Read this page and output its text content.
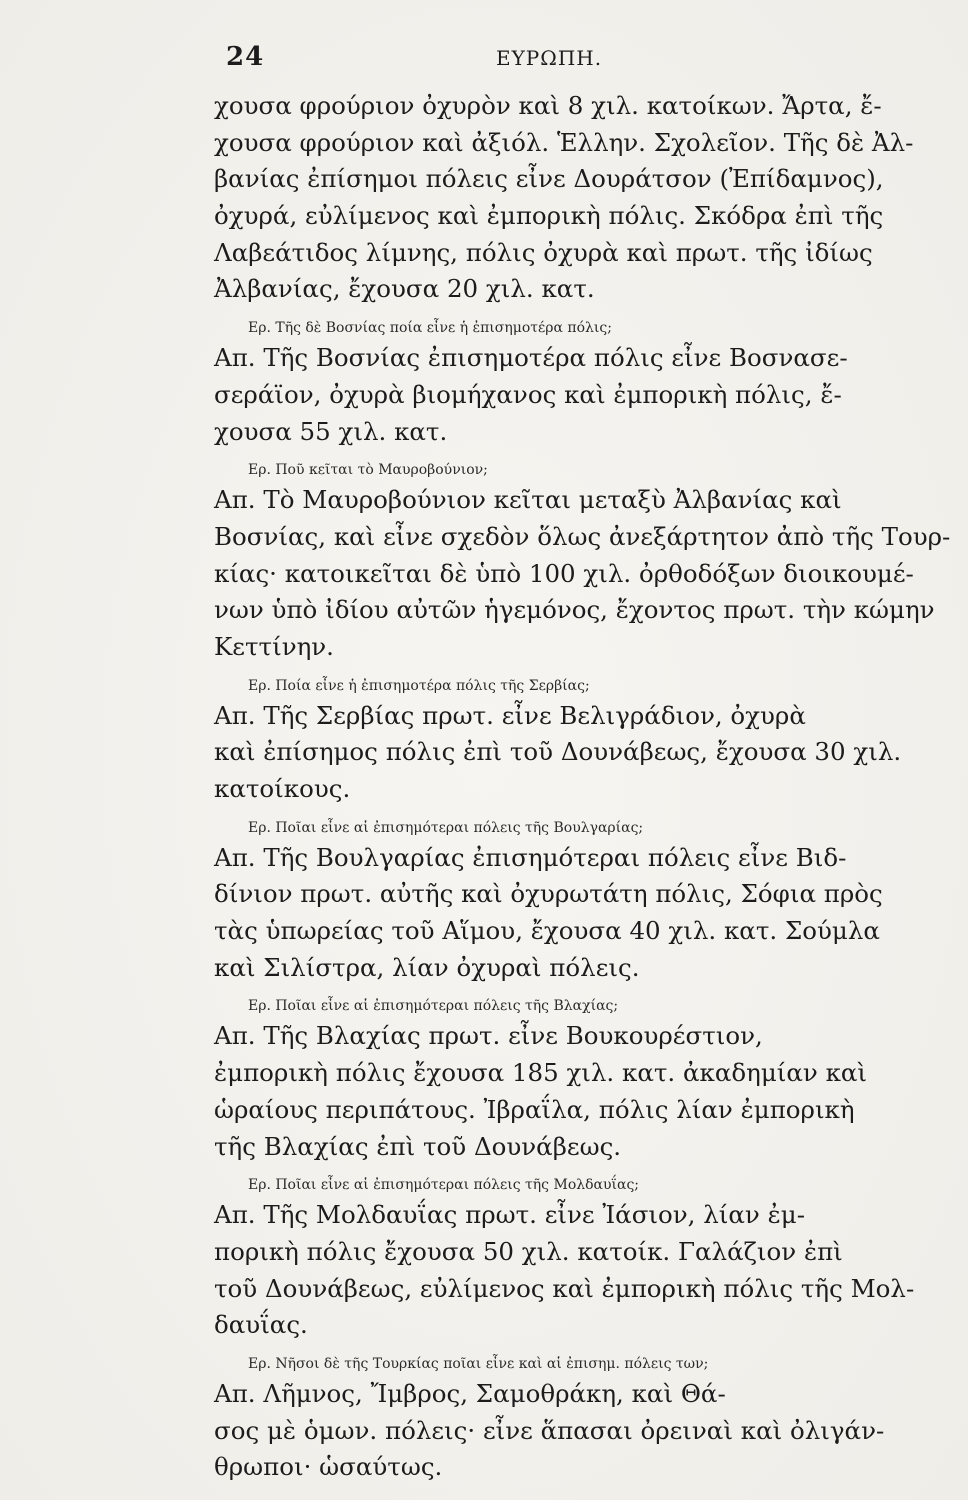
24	ΕΥΡΩΠΗ.
χουσα φρούριον ὀχυρὸν καὶ 8 χιλ. κατοίκων. Ἄρτα, ἔ-
χουσα φρούριον καὶ ἀξιόλ. Ἑλλην. Σχολεῖον. Τῆς δὲ Ἀλ-
βανίας ἐπίσημοι πόλεις εἶνε Δουράτσον (Ἐπίδαμνος),
ὀχυρά, εὐλίμενος καὶ ἐμπορικὴ πόλις. Σκόδρα ἐπὶ τῆς
Λαβεάτιδος λίμνης, πόλις ὀχυρὰ καὶ πρωτ. τῆς ἰδίως
Ἀλβανίας, ἔχουσα 20 χιλ. κατ.
Ερ. Τῆς δὲ Βοσνίας ποία εἶνε ἡ ἐπισημοτέρα πόλις;
Απ. Τῆς Βοσνίας ἐπισημοτέρα πόλις εἶνε Βοσνασε-
σεράϊον, ὀχυρὰ βιομήχανος καὶ ἐμπορικὴ πόλις, ἔ-
χουσα 55 χιλ. κατ.
Ερ. Ποῦ κεῖται τὸ Μαυροβούνιον;
Απ. Τὸ Μαυροβούνιον κεῖται μεταξὺ Ἀλβανίας καὶ
Βοσνίας, καὶ εἶνε σχεδὸν ὅλως ἀνεξάρτητον ἀπὸ τῆς Τουρ-
κίας· κατοικεῖται δὲ ὑπὸ 100 χιλ. ὀρθοδόξων διοικουμέ-
νων ὑπὸ ἰδίου αὐτῶν ἡγεμόνος, ἔχοντος πρωτ. τὴν κώμην
Κεττίνην.
Ερ. Ποία εἶνε ἡ ἐπισημοτέρα πόλις τῆς Σερβίας;
Απ. Τῆς Σερβίας πρωτ. εἶνε Βελιγράδιον, ὀχυρὰ
καὶ ἐπίσημος πόλις ἐπὶ τοῦ Δουνάβεως, ἔχουσα 30 χιλ.
κατοίκους.
Ερ. Ποῖαι εἶνε αἱ ἐπισημότεραι πόλεις τῆς Βουλγαρίας;
Απ. Τῆς Βουλγαρίας ἐπισημότεραι πόλεις εἶνε Βιδ-
δίνιον πρωτ. αὐτῆς καὶ ὀχυρωτάτη πόλις, Σόφια πρὸς
τὰς ὑπωρείας τοῦ Αἵμου, ἔχουσα 40 χιλ. κατ. Σούμλα
καὶ Σιλίστρα, λίαν ὀχυραὶ πόλεις.
Ερ. Ποῖαι εἶνε αἱ ἐπισημότεραι πόλεις τῆς Βλαχίας;
Απ. Τῆς Βλαχίας πρωτ. εἶνε Βουκουρέστιον,
ἐμπορικὴ πόλις ἔχουσα 185 χιλ. κατ. ἀκαδημίαν καὶ
ὡραίους περιπάτους. Ἰβραΐλα, πόλις λίαν ἐμπορικὴ
τῆς Βλαχίας ἐπὶ τοῦ Δουνάβεως.
Ερ. Ποῖαι εἶνε αἱ ἐπισημότεραι πόλεις τῆς Μολδαυΐας;
Απ. Τῆς Μολδαυΐας πρωτ. εἶνε Ἰάσιον, λίαν ἐμ-
πορικὴ πόλις ἔχουσα 50 χιλ. κατοίκ. Γαλάζιον ἐπὶ
τοῦ Δουνάβεως, εὐλίμενος καὶ ἐμπορικὴ πόλις τῆς Μολ-
δαυΐας.
Ερ. Νῆσοι δὲ τῆς Τουρκίας ποῖαι εἶνε καὶ αἱ ἐπισημ. πόλεις των;
Απ. Λῆμνος, Ἴμβρος, Σαμοθράκη, καὶ Θά-
σος μὲ ὁμων. πόλεις· εἶνε ἅπασαι ὀρειναὶ καὶ ὀλιγάν-
θρωποι· ὡσαύτως.
